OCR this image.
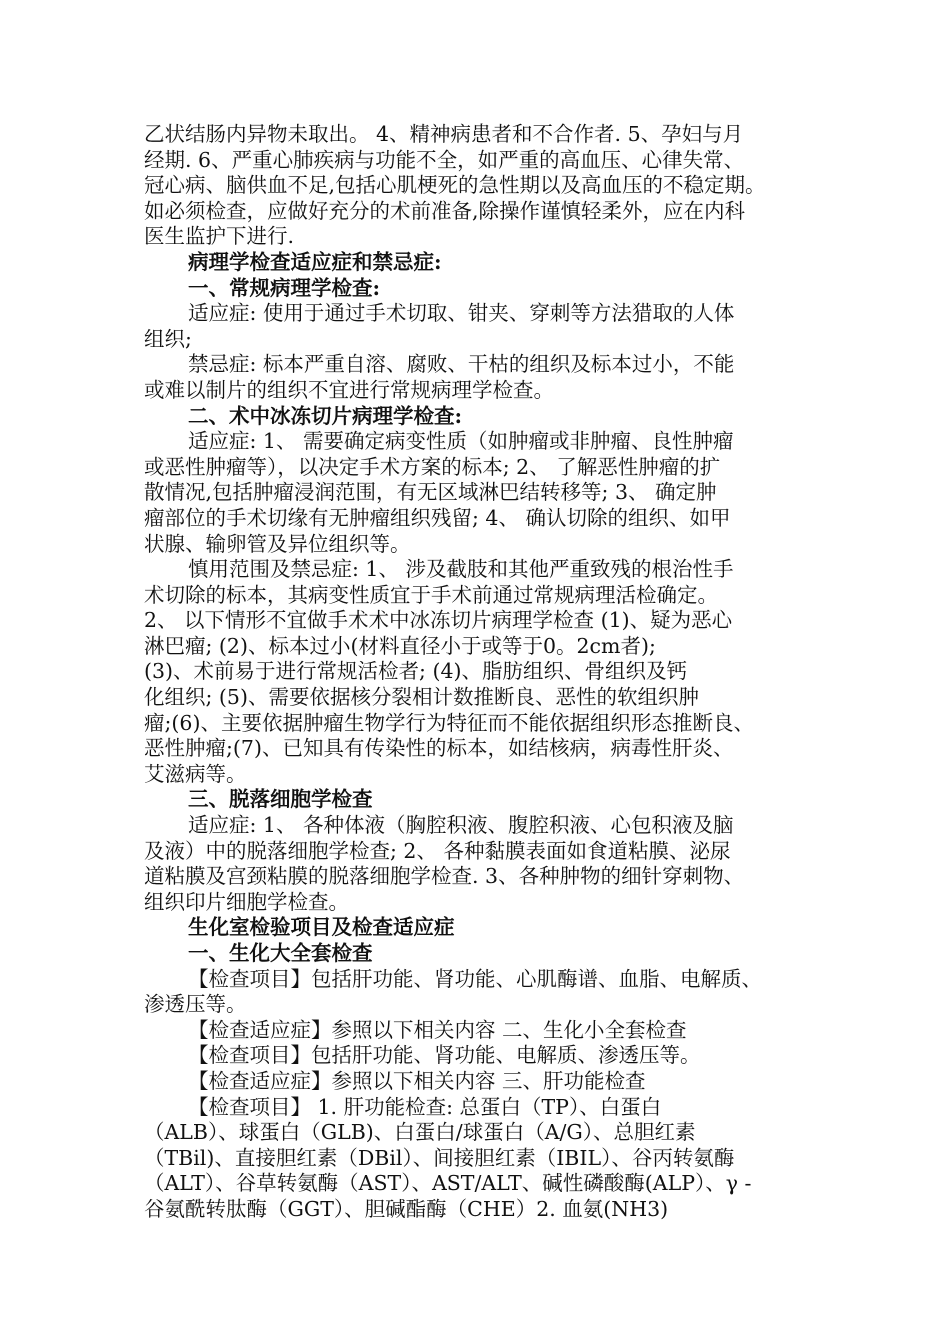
乙状结肠内异物未取出。 4、精神病患者和不合作者. 5、孕妇与月

经期. 6、严重心肺疾病与功能不全，如严重的高血压、心律失常、

冠心病、脑供血不足,包括心肌梗死的急性期以及高血压的不稳定期。

如必须检查，应做好充分的术前准备,除操作谨慎轻柔外，应在内科

医生监护下进行.

病理学检查适应症和禁忌症:

一、常规病理学检查:

适应症: 使用于通过手术切取、钳夹、穿刺等方法猎取的人体

组织;

禁忌症: 标本严重自溶、腐败、干枯的组织及标本过小，不能

或难以制片的组织不宜进行常规病理学检查。

二、术中冰冻切片病理学检查:

适应症: 1、 需要确定病变性质（如肿瘤或非肿瘤、良性肿瘤

或恶性肿瘤等），以决定手术方案的标本; 2、 了解恶性肿瘤的扩

散情况,包括肿瘤浸润范围，有无区域淋巴结转移等; 3、 确定肿

瘤部位的手术切缘有无肿瘤组织残留; 4、 确认切除的组织、如甲

状腺、输卵管及异位组织等。

慎用范围及禁忌症: 1、 涉及截肢和其他严重致残的根治性手

术切除的标本，其病变性质宜于手术前通过常规病理活检确定。

2、 以下情形不宜做手术术中冰冻切片病理学检查 (1)、疑为恶心

淋巴瘤; (2)、标本过小(材料直径小于或等于0。2cm者);

(3)、术前易于进行常规活检者; (4)、脂肪组织、骨组织及钙

化组织; (5)、需要依据核分裂相计数推断良、恶性的软组织肿

瘤;(6)、主要依据肿瘤生物学行为特征而不能依据组织形态推断良、

恶性肿瘤;(7)、已知具有传染性的标本，如结核病，病毒性肝炎、

艾滋病等。

三、脱落细胞学检查

适应症: 1、 各种体液（胸腔积液、腹腔积液、心包积液及脑

及液）中的脱落细胞学检查; 2、 各种黏膜表面如食道粘膜、泌尿

道粘膜及宫颈粘膜的脱落细胞学检查. 3、各种肿物的细针穿刺物、

组织印片细胞学检查。

生化室检验项目及检查适应症

一、生化大全套检查

【检查项目】包括肝功能、肾功能、心肌酶谱、血脂、电解质、

渗透压等。

【检查适应症】参照以下相关内容 二、生化小全套检查

【检查项目】包括肝功能、肾功能、电解质、渗透压等。

【检查适应症】参照以下相关内容 三、肝功能检查

【检查项目】 1. 肝功能检查: 总蛋白（TP）、白蛋白

（ALB）、球蛋白（GLB)、白蛋白/球蛋白（A/G）、总胆红素

（TBil)、直接胆红素（DBil）、间接胆红素（IBIL）、谷丙转氨酶

（ALT）、谷草转氨酶（AST）、AST/ALT、碱性磷酸酶(ALP）、γ -

谷氨酰转肽酶（GGT）、胆碱酯酶（CHE）2. 血氨(NH3)
